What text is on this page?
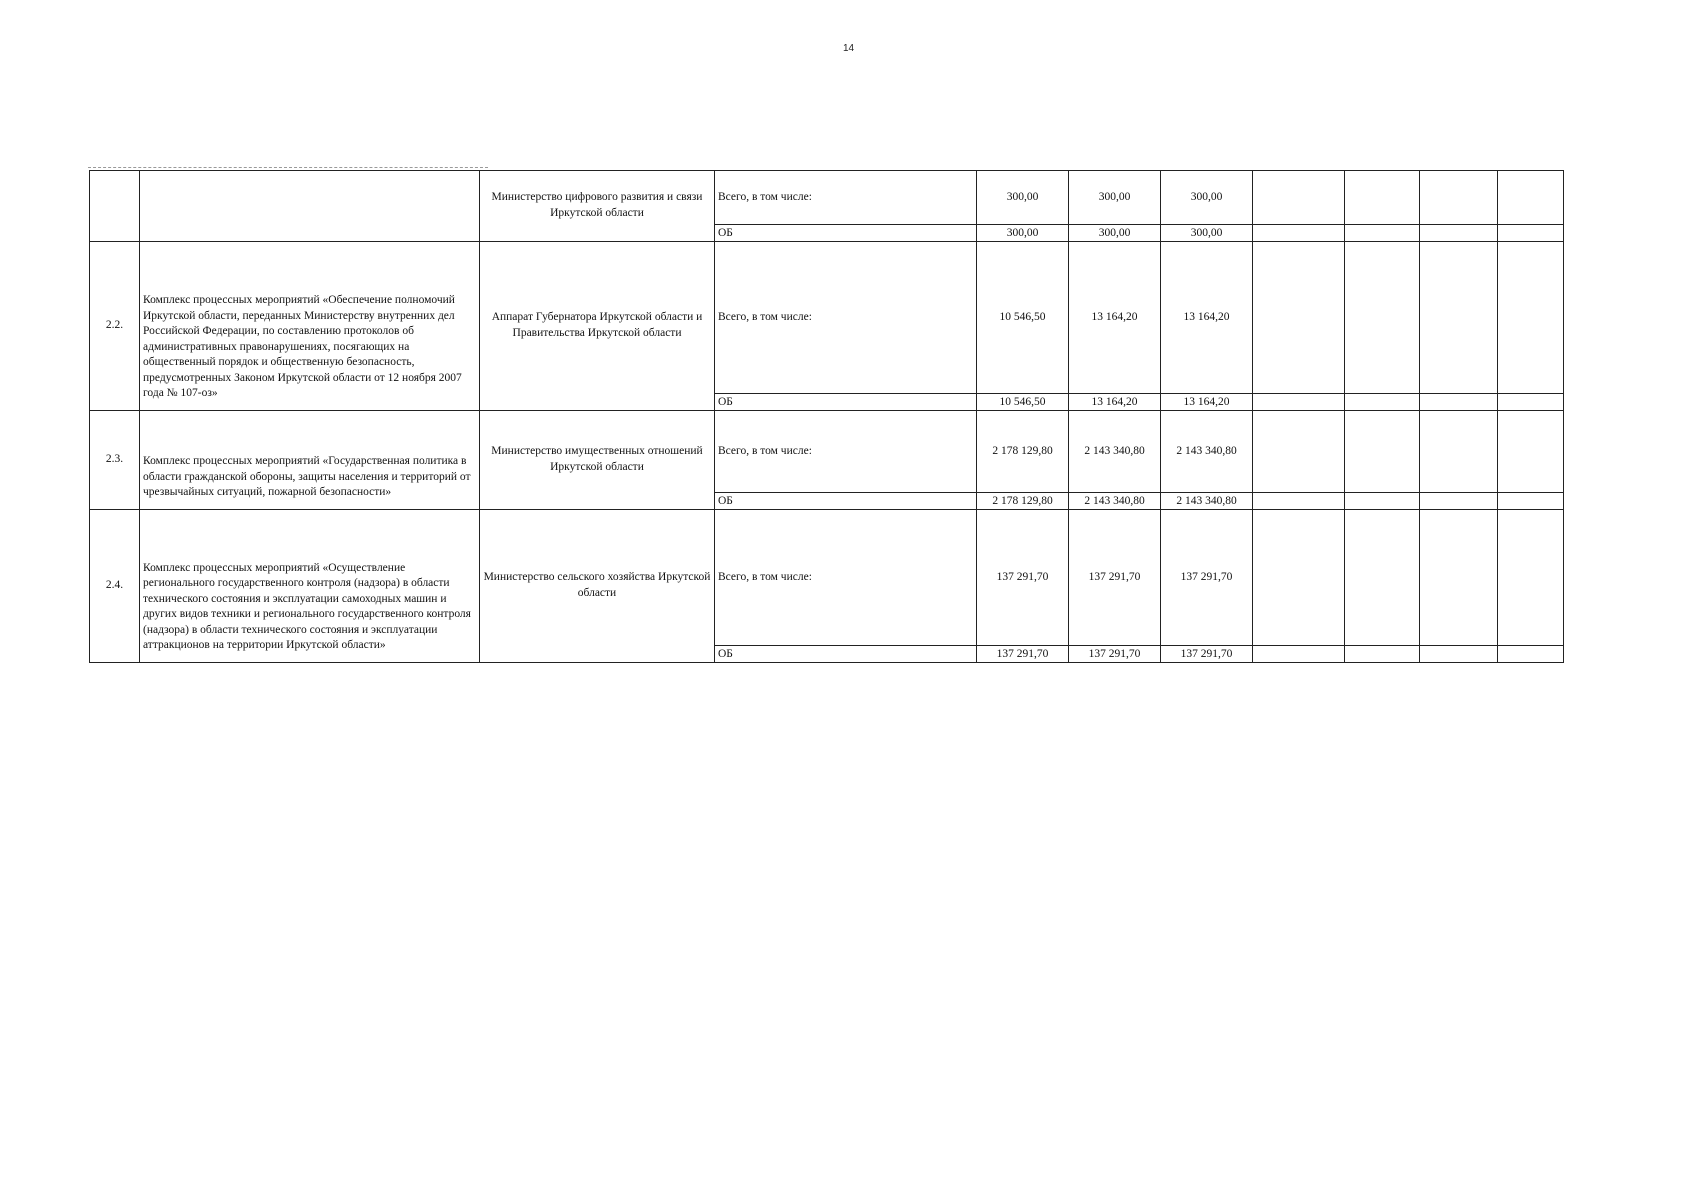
14
		Министерство цифрового развития и связи Иркутской области	Всего, в том числе:	300,00	300,00	300,00				
			ОБ	300,00	300,00	300,00				
2.2.	Комплекс процессных мероприятий «Обеспечение полномочий Иркутской области, переданных Министерству внутренних дел Российской Федерации, по составлению протоколов об административных правонарушениях, посягающих на общественный порядок и общественную безопасность, предусмотренных Законом Иркутской области от 12 ноября 2007 года № 107-оз»	Аппарат Губернатора Иркутской области и Правительства Иркутской области	Всего, в том числе:	10 546,50	13 164,20	13 164,20				
			ОБ	10 546,50	13 164,20	13 164,20				
2.3.	Комплекс процессных мероприятий «Государственная политика в области гражданской обороны, защиты населения и территорий от чрезвычайных ситуаций, пожарной безопасности»	Министерство имущественных отношений Иркутской области	Всего, в том числе:	2 178 129,80	2 143 340,80	2 143 340,80				
			ОБ	2 178 129,80	2 143 340,80	2 143 340,80				
2.4.	Комплекс процессных мероприятий «Осуществление регионального государственного контроля (надзора) в области технического состояния и эксплуатации самоходных машин и других видов техники и регионального государственного контроля (надзора) в области технического состояния и эксплуатации аттракционов на территории Иркутской области»	Министерство сельского хозяйства Иркутской области	Всего, в том числе:	137 291,70	137 291,70	137 291,70				
			ОБ	137 291,70	137 291,70	137 291,70				
